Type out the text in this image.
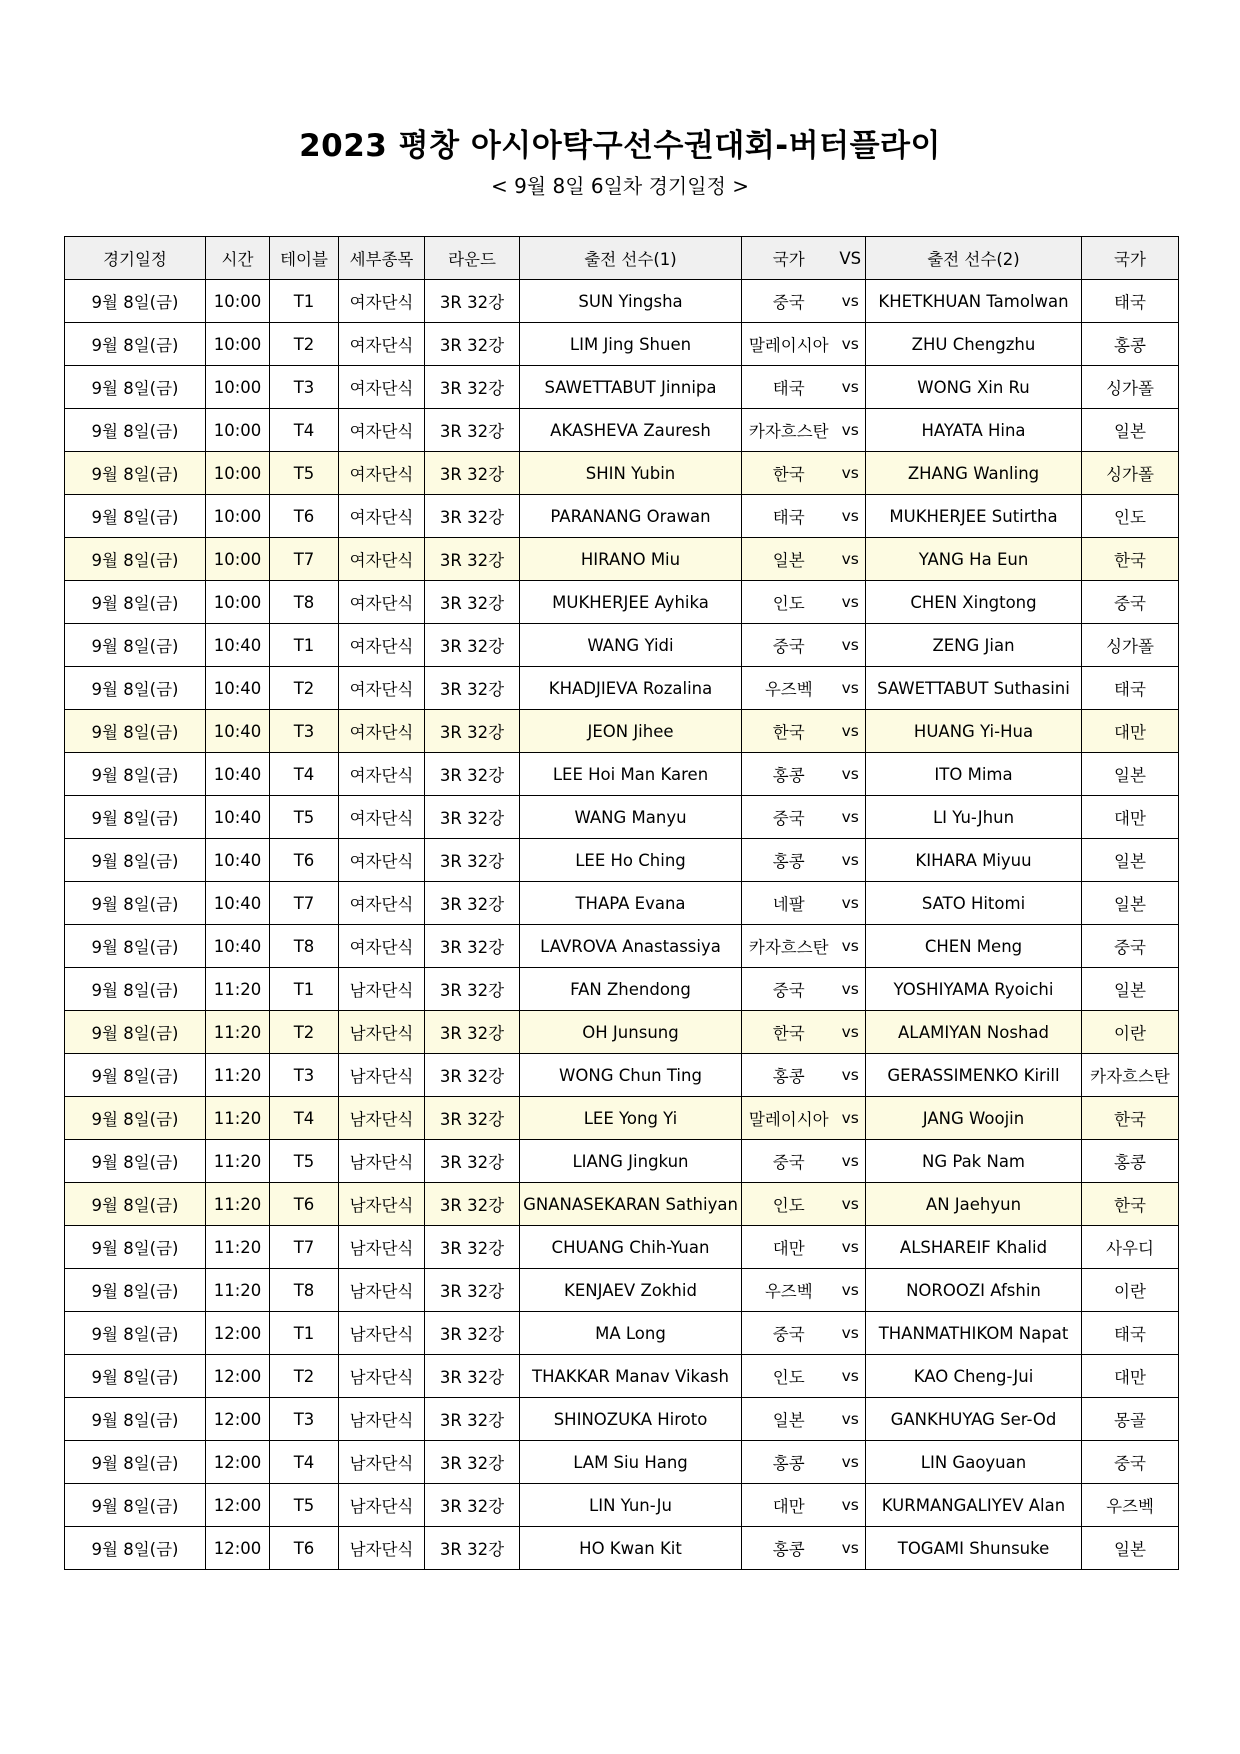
2023 평창 아시아탁구선수권대회-버터플라이
< 9월 8일 6일차 경기일정 >
경기일정	시간	테이블	세부종목	라운드	출전 선수(1)	국가	VS	출전 선수(2)	국가
9월 8일(금)	10:00	T1	여자단식	3R 32강	SUN Yingsha	중국	vs	KHETKHUAN Tamolwan	태국
9월 8일(금)	10:00	T2	여자단식	3R 32강	LIM Jing Shuen	말레이시아	vs	ZHU Chengzhu	홍콩
9월 8일(금)	10:00	T3	여자단식	3R 32강	SAWETTABUT Jinnipa	태국	vs	WONG Xin Ru	싱가폴
9월 8일(금)	10:00	T4	여자단식	3R 32강	AKASHEVA Zauresh	카자흐스탄	vs	HAYATA Hina	일본
9월 8일(금)	10:00	T5	여자단식	3R 32강	SHIN Yubin	한국	vs	ZHANG Wanling	싱가폴
9월 8일(금)	10:00	T6	여자단식	3R 32강	PARANANG Orawan	태국	vs	MUKHERJEE Sutirtha	인도
9월 8일(금)	10:00	T7	여자단식	3R 32강	HIRANO Miu	일본	vs	YANG Ha Eun	한국
9월 8일(금)	10:00	T8	여자단식	3R 32강	MUKHERJEE Ayhika	인도	vs	CHEN Xingtong	중국
9월 8일(금)	10:40	T1	여자단식	3R 32강	WANG Yidi	중국	vs	ZENG Jian	싱가폴
9월 8일(금)	10:40	T2	여자단식	3R 32강	KHADJIEVA Rozalina	우즈벡	vs	SAWETTABUT Suthasini	태국
9월 8일(금)	10:40	T3	여자단식	3R 32강	JEON Jihee	한국	vs	HUANG Yi-Hua	대만
9월 8일(금)	10:40	T4	여자단식	3R 32강	LEE Hoi Man Karen	홍콩	vs	ITO Mima	일본
9월 8일(금)	10:40	T5	여자단식	3R 32강	WANG Manyu	중국	vs	LI Yu-Jhun	대만
9월 8일(금)	10:40	T6	여자단식	3R 32강	LEE Ho Ching	홍콩	vs	KIHARA Miyuu	일본
9월 8일(금)	10:40	T7	여자단식	3R 32강	THAPA Evana	네팔	vs	SATO Hitomi	일본
9월 8일(금)	10:40	T8	여자단식	3R 32강	LAVROVA Anastassiya	카자흐스탄	vs	CHEN Meng	중국
9월 8일(금)	11:20	T1	남자단식	3R 32강	FAN Zhendong	중국	vs	YOSHIYAMA Ryoichi	일본
9월 8일(금)	11:20	T2	남자단식	3R 32강	OH Junsung	한국	vs	ALAMIYAN Noshad	이란
9월 8일(금)	11:20	T3	남자단식	3R 32강	WONG Chun Ting	홍콩	vs	GERASSIMENKO Kirill	카자흐스탄
9월 8일(금)	11:20	T4	남자단식	3R 32강	LEE Yong Yi	말레이시아	vs	JANG Woojin	한국
9월 8일(금)	11:20	T5	남자단식	3R 32강	LIANG Jingkun	중국	vs	NG Pak Nam	홍콩
9월 8일(금)	11:20	T6	남자단식	3R 32강	GNANASEKARAN Sathiyan	인도	vs	AN Jaehyun	한국
9월 8일(금)	11:20	T7	남자단식	3R 32강	CHUANG Chih-Yuan	대만	vs	ALSHAREIF Khalid	사우디
9월 8일(금)	11:20	T8	남자단식	3R 32강	KENJAEV Zokhid	우즈벡	vs	NOROOZI Afshin	이란
9월 8일(금)	12:00	T1	남자단식	3R 32강	MA Long	중국	vs	THANMATHIKOM Napat	태국
9월 8일(금)	12:00	T2	남자단식	3R 32강	THAKKAR Manav Vikash	인도	vs	KAO Cheng-Jui	대만
9월 8일(금)	12:00	T3	남자단식	3R 32강	SHINOZUKA Hiroto	일본	vs	GANKHUYAG Ser-Od	몽골
9월 8일(금)	12:00	T4	남자단식	3R 32강	LAM Siu Hang	홍콩	vs	LIN Gaoyuan	중국
9월 8일(금)	12:00	T5	남자단식	3R 32강	LIN Yun-Ju	대만	vs	KURMANGALIYEV Alan	우즈벡
9월 8일(금)	12:00	T6	남자단식	3R 32강	HO Kwan Kit	홍콩	vs	TOGAMI Shunsuke	일본
